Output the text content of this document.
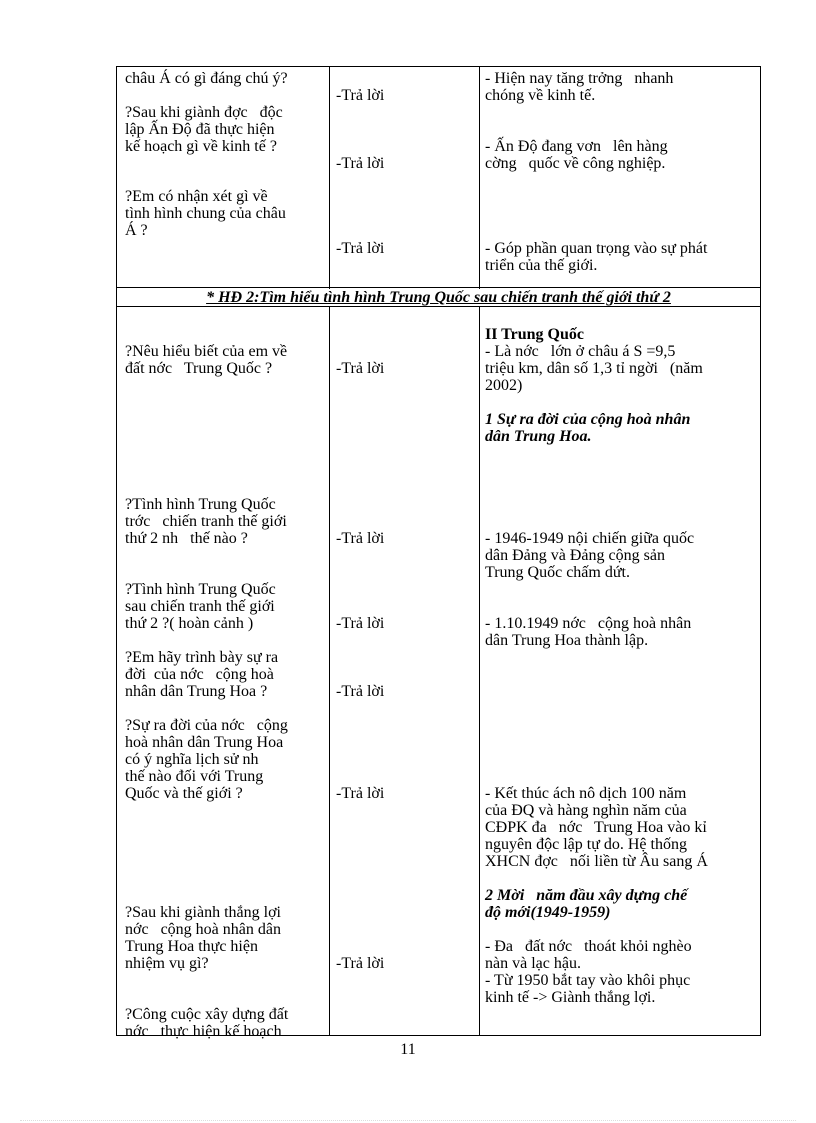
* HĐ 2:Tìm hiểu tình hình Trung Quốc sau chiến tranh thế giới thứ 2
châu Á có gì đáng chú ý?
?Sau khi giành đợc   độc
lập Ấn Độ đã thực hiện
kế hoạch gì về kinh tế ?
?Em có nhận xét gì về
tình hình chung của châu
Á ?
-Trả lời
-Trả lời
-Trả lời
- Hiện nay tăng trởng   nhanh
chóng về kinh tế.
- Ấn Độ đang vơn   lên hàng
cờng   quốc về công nghiệp.
- Góp phần quan trọng vào sự phát
triển của thế giới.
?Nêu hiểu biết của em về
đất nớc   Trung Quốc ?
?Tình hình Trung Quốc
trớc   chiến tranh thế giới
thứ 2 nh   thế nào ?
?Tình hình Trung Quốc
sau chiến tranh thế giới
thứ 2 ?( hoàn cảnh )
?Em hãy trình bày sự ra
đời  của nớc   cộng hoà
nhân dân Trung Hoa ?
?Sự ra đời của nớc   cộng
hoà nhân dân Trung Hoa
có ý nghĩa lịch sử nh
thế nào đối với Trung
Quốc và thế giới ?
?Sau khi giành thắng lợi
nớc   cộng hoà nhân dân
Trung Hoa thực hiện
nhiệm vụ gì?
?Công cuộc xây dựng đất
nớc   thực hiện kế hoạch
-Trả lời
-Trả lời
-Trả lời
-Trả lời
-Trả lời
-Trả lời
II Trung Quốc
- Là nớc   lớn ở châu á S =9,5
triệu km, dân số 1,3 tỉ ngời   (năm
2002)
1 Sự ra đời của cộng hoà nhân
dân Trung Hoa.
- 1946-1949 nội chiến giữa quốc
dân Đảng và Đảng cộng sản
Trung Quốc chấm dứt.
- 1.10.1949 nớc   cộng hoà nhân
dân Trung Hoa thành lập.
- Kết thúc ách nô dịch 100 năm
của ĐQ và hàng nghìn năm của
CĐPK đa   nớc   Trung Hoa vào kỉ
nguyên độc lập tự do. Hệ thống
XHCN đợc   nối liền từ Âu sang Á
2 Mời   năm đầu xây dựng chế
độ mới(1949-1959)
- Đa   đất nớc   thoát khỏi nghèo
nàn và lạc hậu.
- Từ 1950 bắt tay vào khôi phục
kinh tế -> Giành thắng lợi.
11
